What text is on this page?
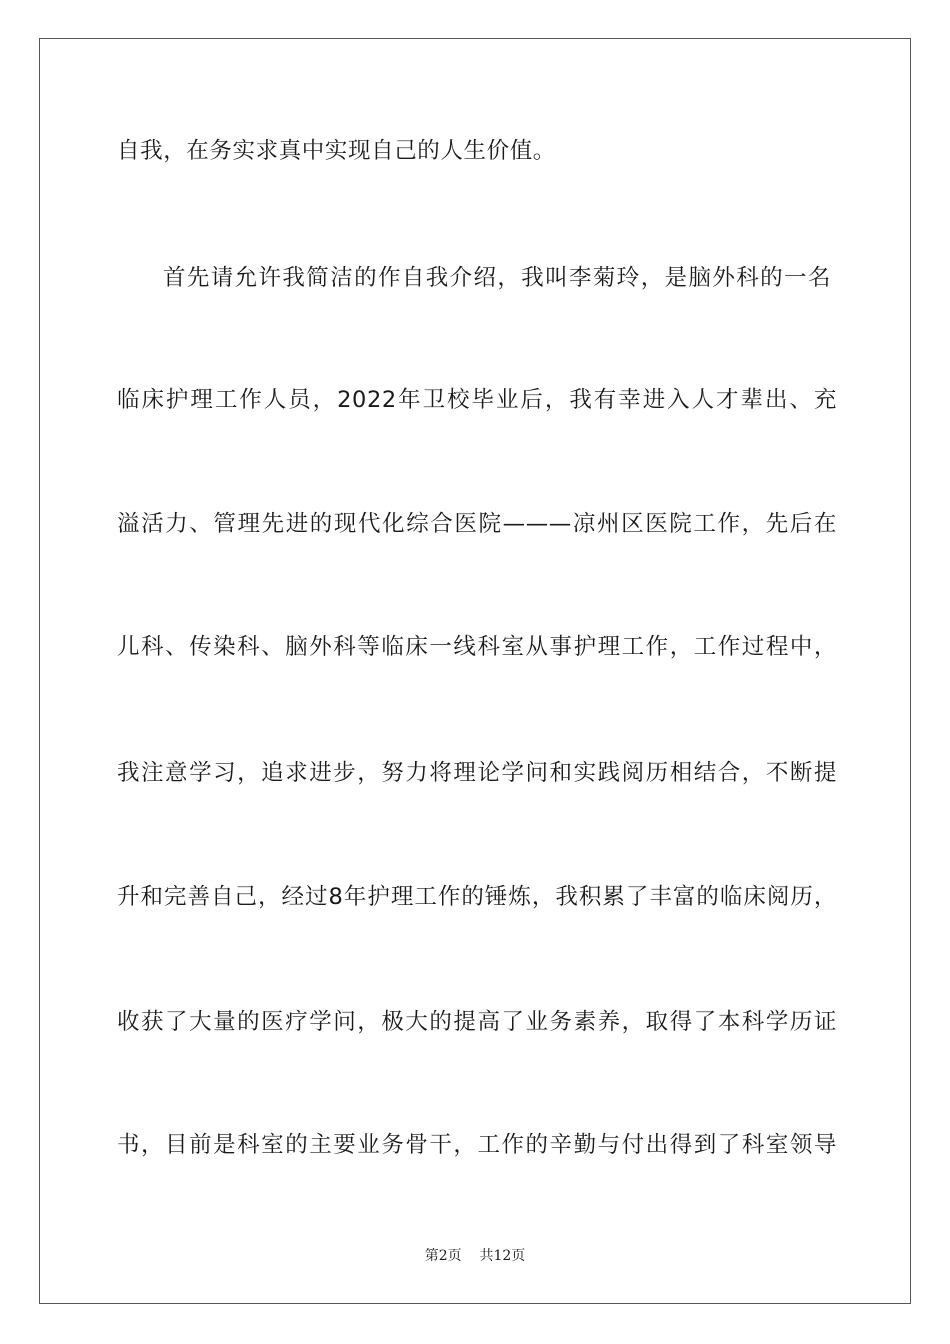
自我，在务实求真中实现自己的人生价值。
首先请允许我简洁的作自我介绍，我叫李菊玲，是脑外科的一名
临床护理工作人员，2022年卫校毕业后，我有幸进入人才辈出、充
溢活力、管理先进的现代化综合医院———凉州区医院工作，先后在
儿科、传染科、脑外科等临床一线科室从事护理工作，工作过程中，
我注意学习，追求进步，努力将理论学问和实践阅历相结合，不断提
升和完善自己，经过8年护理工作的锤炼，我积累了丰富的临床阅历，
收获了大量的医疗学问，极大的提高了业务素养，取得了本科学历证
书，目前是科室的主要业务骨干，工作的辛勤与付出得到了科室领导
第2页    共12页
